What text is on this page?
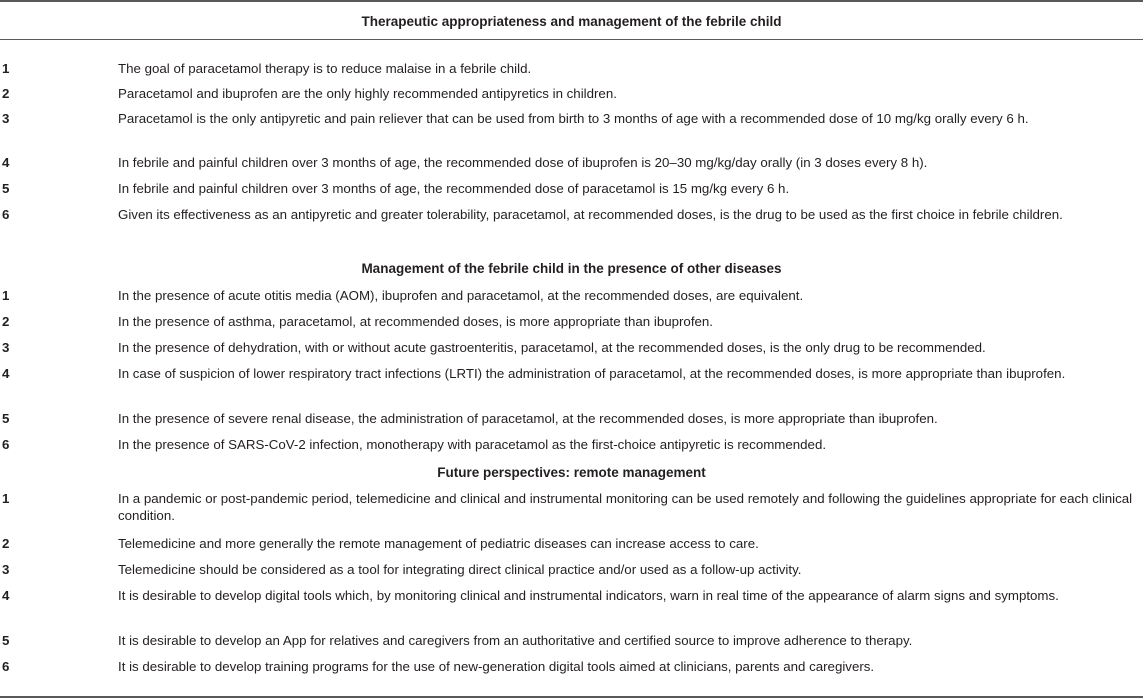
Therapeutic appropriateness and management of the febrile child
1	The goal of paracetamol therapy is to reduce malaise in a febrile child.
2	Paracetamol and ibuprofen are the only highly recommended antipyretics in children.
3	Paracetamol is the only antipyretic and pain reliever that can be used from birth to 3 months of age with a recommended dose of 10 mg/kg orally every 6 h.
4	In febrile and painful children over 3 months of age, the recommended dose of ibuprofen is 20–30 mg/kg/day orally (in 3 doses every 8 h).
5	In febrile and painful children over 3 months of age, the recommended dose of paracetamol is 15 mg/kg every 6 h.
6	Given its effectiveness as an antipyretic and greater tolerability, paracetamol, at recommended doses, is the drug to be used as the first choice in febrile children.
Management of the febrile child in the presence of other diseases
1	In the presence of acute otitis media (AOM), ibuprofen and paracetamol, at the recommended doses, are equivalent.
2	In the presence of asthma, paracetamol, at recommended doses, is more appropriate than ibuprofen.
3	In the presence of dehydration, with or without acute gastroenteritis, paracetamol, at the recommended doses, is the only drug to be recommended.
4	In case of suspicion of lower respiratory tract infections (LRTI) the administration of paracetamol, at the recommended doses, is more appropriate than ibuprofen.
5	In the presence of severe renal disease, the administration of paracetamol, at the recommended doses, is more appropriate than ibuprofen.
6	In the presence of SARS-CoV-2 infection, monotherapy with paracetamol as the first-choice antipyretic is recommended.
Future perspectives: remote management
1	In a pandemic or post-pandemic period, telemedicine and clinical and instrumental monitoring can be used remotely and following the guidelines appropriate for each clinical condition.
2	Telemedicine and more generally the remote management of pediatric diseases can increase access to care.
3	Telemedicine should be considered as a tool for integrating direct clinical practice and/or used as a follow-up activity.
4	It is desirable to develop digital tools which, by monitoring clinical and instrumental indicators, warn in real time of the appearance of alarm signs and symptoms.
5	It is desirable to develop an App for relatives and caregivers from an authoritative and certified source to improve adherence to therapy.
6	It is desirable to develop training programs for the use of new-generation digital tools aimed at clinicians, parents and caregivers.
